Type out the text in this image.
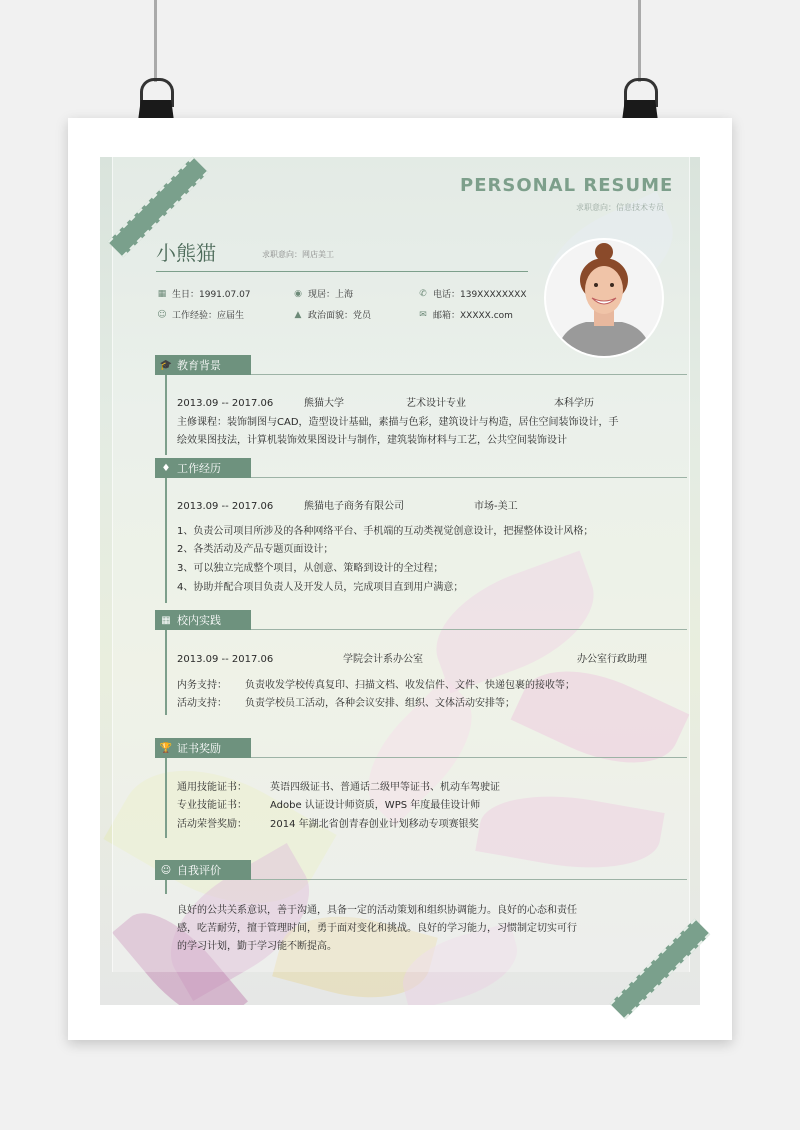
PERSONAL RESUME
求职意向：信息技术专员
小熊猫	求职意向：网店美工
▦ 生日：1991.07.07	◉ 现居：上海	✆ 电话：139XXXXXXXX
☺ 工作经验：应届生	▲ 政治面貌：党员	✉ 邮箱：XXXXX.com
🎓 教育背景
2013.09 -- 2017.06	熊猫大学	艺术设计专业	本科学历
主修课程：装饰制图与CAD，造型设计基础，素描与色彩，建筑设计与构造，居住空间装饰设计，手
绘效果图技法，计算机装饰效果图设计与制作，建筑装饰材料与工艺，公共空间装饰设计
♦ 工作经历
2013.09 -- 2017.06	熊猫电子商务有限公司	市场-美工
1、负责公司项目所涉及的各种网络平台、手机端的互动类视觉创意设计，把握整体设计风格；
2、各类活动及产品专题页面设计；
3、可以独立完成整个项目，从创意、策略到设计的全过程；
4、协助并配合项目负责人及开发人员，完成项目直到用户满意；
▦ 校内实践
2013.09 -- 2017.06	学院会计系办公室	办公室行政助理
内务支持： 负责收发学校传真复印、扫描文档、收发信件、文件、快递包裹的接收等；
活动支持： 负责学校员工活动，各种会议安排、组织、文体活动安排等；
🏆 证书奖励
通用技能证书： 英语四级证书、普通话二级甲等证书、机动车驾驶证
专业技能证书： Adobe 认证设计师资质，WPS 年度最佳设计师
活动荣誉奖励： 2014 年湖北省创青春创业计划移动专项赛银奖
☺ 自我评价
良好的公共关系意识，善于沟通，具备一定的活动策划和组织协调能力。良好的心态和责任
感，吃苦耐劳，擅于管理时间，勇于面对变化和挑战。良好的学习能力，习惯制定切实可行
的学习计划，勤于学习能不断提高。
